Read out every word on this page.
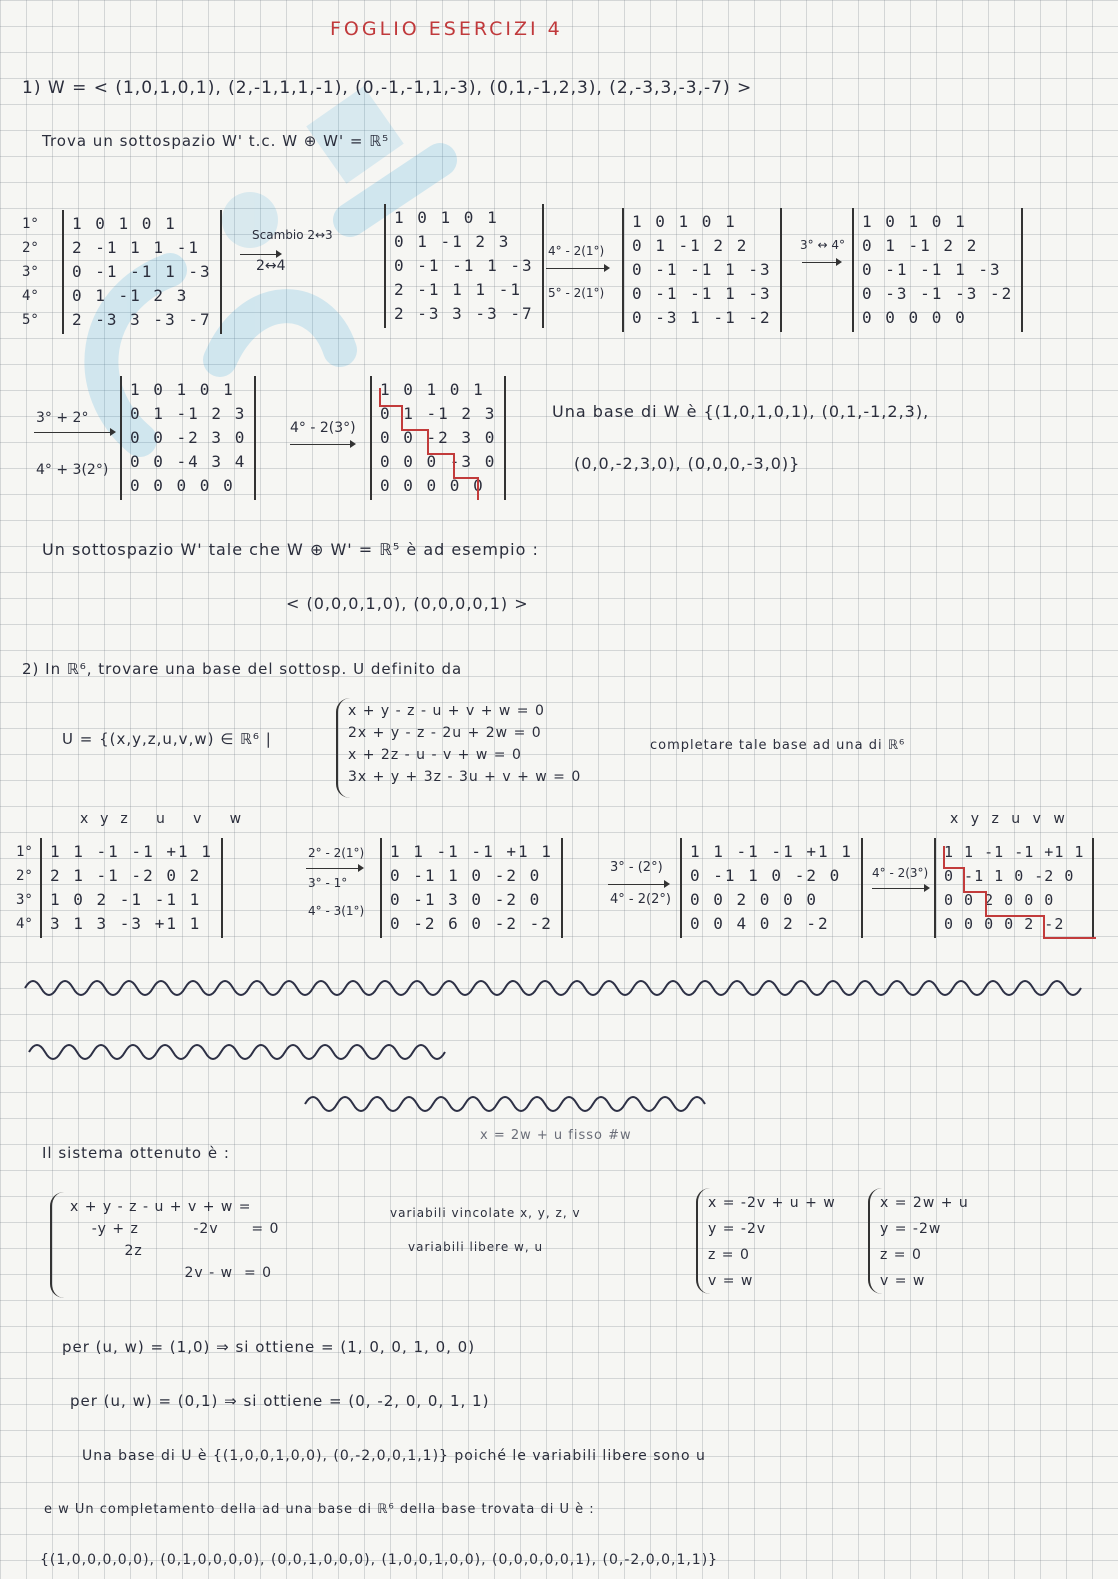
FOGLIO ESERCIZI 4
1) W = < (1,0,1,0,1), (2,-1,1,1,-1), (0,-1,-1,1,-3), (0,1,-1,2,3), (2,-3,3,-3,-7) >
Trova un sottospazio W' t.c. W ⊕ W' = ℝ⁵
1°
2°
3°
4°
5°
1 0 1 0 1
2 -1 1 1 -1
0 -1 -1 1 -3
0 1 -1 2 3
2 -3 3 -3 -7
Scambio 2↔3
2↔4
1 0 1 0 1
0 1 -1 2 3
0 -1 -1 1 -3
2 -1 1 1 -1
2 -3 3 -3 -7
4° - 2(1°)
5° - 2(1°)
1 0 1 0 1
0 1 -1 2 2
0 -1 -1 1 -3
0 -1 -1 1 -3
0 -3 1 -1 -2
3° ↔ 4°
1 0 1 0 1
0 1 -1 2 2
0 -1 -1 1 -3
0 -3 -1 -3 -2
0 0 0 0 0
3° + 2°
4° + 3(2°)
1 0 1 0 1
0 1 -1 2 3
0 0 -2 3 0
0 0 -4 3 4
0 0 0 0 0
4° - 2(3°)
1 0 1 0 1
0 1 -1 2 3
0 0 -2 3 0
0 0 0 -3 0
0 0 0 0 0
Una base di W è {(1,0,1,0,1), (0,1,-1,2,3),
(0,0,-2,3,0), (0,0,0,-3,0)}
Un sottospazio W' tale che W ⊕ W' = ℝ⁵ è ad esempio :
< (0,0,0,1,0), (0,0,0,0,1) >
2) In ℝ⁶, trovare una base del sottosp. U definito da
U = {(x,y,z,u,v,w) ∈ ℝ⁶ |
x + y - z - u + v + w = 0
2x + y - z - 2u + 2w = 0
x + 2z - u - v + w = 0
3x + y + 3z - 3u + v + w = 0
completare tale base ad una di ℝ⁶
x  y  z     u     v     w	x y z u v w
1°
2°
3°
4°
1 1 -1 -1 +1 1
2 1 -1 -2 0 2
1 0 2 -1 -1 1
3 1 3 -3 +1 1
2° - 2(1°)
3° - 1°
4° - 3(1°)
1 1 -1 -1 +1 1
0 -1 1 0 -2 0
0 -1 3 0 -2 0
0 -2 6 0 -2 -2
3° - (2°)
4° - 2(2°)
1 1 -1 -1 +1 1
0 -1 1 0 -2 0
0 0 2 0 0 0
0 0 4 0 2 -2
4° - 2(3°)
1 1 -1 -1 +1 1
0 -1 1 0 -2 0
0 0 2 0 0 0
0 0 0 0 2 -2
Il sistema ottenuto è :
x = 2w + u fisso #w
x + y - z - u + v + w =
-y + z          -2v      = 0
2z
2v - w  = 0
variabili vincolate x, y, z, v
variabili libere w, u
x = -2v + u + w
y = -2v
z = 0
v = w
x = 2w + u
y = -2w
z = 0
v = w
per (u, w) = (1,0) ⇒ si ottiene = (1, 0, 0, 1, 0, 0)
per (u, w) = (0,1) ⇒ si ottiene = (0, -2, 0, 0, 1, 1)
Una base di U è {(1,0,0,1,0,0), (0,-2,0,0,1,1)} poiché le variabili libere sono u
e w Un completamento della ad una base di ℝ⁶ della base trovata di U è :
{(1,0,0,0,0,0), (0,1,0,0,0,0), (0,0,1,0,0,0), (1,0,0,1,0,0), (0,0,0,0,0,1), (0,-2,0,0,1,1)}
